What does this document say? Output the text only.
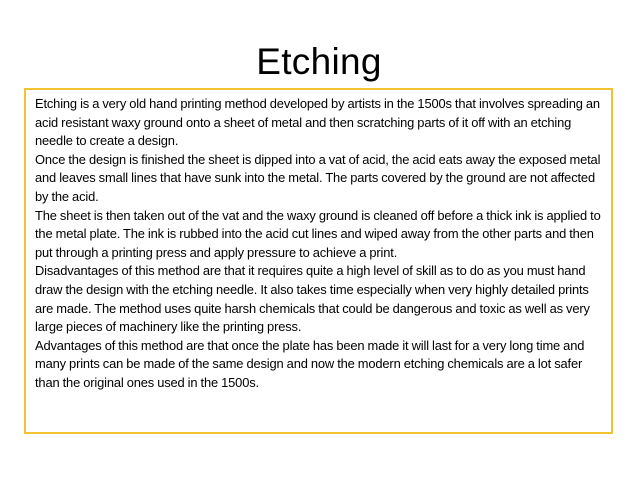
Etching

Etching is a very old hand printing method developed by artists in the 1500s that involves spreading an acid resistant waxy ground onto a sheet of metal and then scratching parts of it off with an etching needle to create a design.

Once the design is finished the sheet is dipped into a vat of acid, the acid eats away the exposed metal and leaves small lines that have sunk into the metal. The parts covered by the ground are not affected by the acid.

The sheet is then taken out of the vat and the waxy ground is cleaned off before a thick ink is applied to the metal plate. The ink is rubbed into the acid cut lines and wiped away from the other parts and then put through a printing press and apply pressure to achieve a print.

Disadvantages of this method are that it requires quite a high level of skill as to do as you must hand draw the design with the etching needle. It also takes time especially when very highly detailed prints are made. The method uses quite harsh chemicals that could be dangerous and toxic as well as very large pieces of machinery like the printing press.

Advantages of this method are that once the plate has been made it will last for a very long time and many prints can be made of the same design and now the modern etching chemicals are a lot safer than the original ones used in the 1500s.
